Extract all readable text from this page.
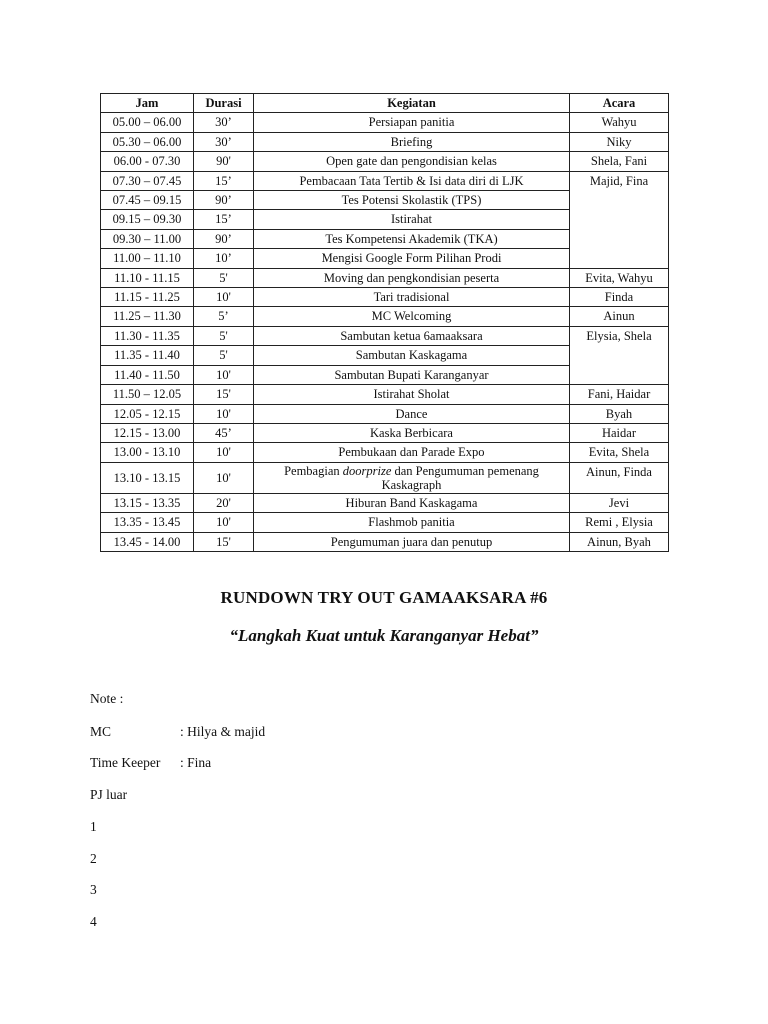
Jam	Durasi	Kegiatan	Acara
05.00 – 06.00	30’	Persiapan panitia	Wahyu
05.30 – 06.00	30’	Briefing	Niky
06.00 - 07.30	90'	Open gate dan pengondisian kelas	Shela, Fani
07.30 – 07.45	15’	Pembacaan Tata Tertib & Isi data diri di LJK	Majid, Fina
07.45 – 09.15	90’	Tes Potensi Skolastik (TPS)	
09.15 – 09.30	15’	Istirahat	
09.30 – 11.00	90’	Tes Kompetensi Akademik (TKA)	
11.00 – 11.10	10’	Mengisi Google Form Pilihan Prodi	
11.10 - 11.15	5'	Moving dan pengkondisian peserta	Evita, Wahyu
11.15 - 11.25	10'	Tari tradisional	Finda
11.25 – 11.30	5’	MC Welcoming	Ainun
11.30 - 11.35	5'	Sambutan ketua 6amaaksara	Elysia, Shela
11.35 - 11.40	5'	Sambutan Kaskagama	
11.40 - 11.50	10'	Sambutan Bupati Karanganyar	
11.50 – 12.05	15'	Istirahat Sholat	Fani, Haidar
12.05 - 12.15	10'	Dance	Byah
12.15 - 13.00	45’	Kaska Berbicara	Haidar
13.00 - 13.10	10'	Pembukaan dan Parade Expo	Evita, Shela
13.10 - 13.15	10'	Pembagian doorprize dan Pengumuman pemenang Kaskagraph	Ainun, Finda
13.15 - 13.35	20'	Hiburan Band Kaskagama	Jevi
13.35 - 13.45	10'	Flashmob panitia	Remi , Elysia
13.45 - 14.00	15'	Pengumuman juara dan penutup	Ainun, Byah
RUNDOWN TRY OUT GAMAAKSARA #6
“Langkah Kuat untuk Karanganyar Hebat”
Note :
MC	: Hilya & majid
Time Keeper : Fina
PJ luar
1
2
3
4
